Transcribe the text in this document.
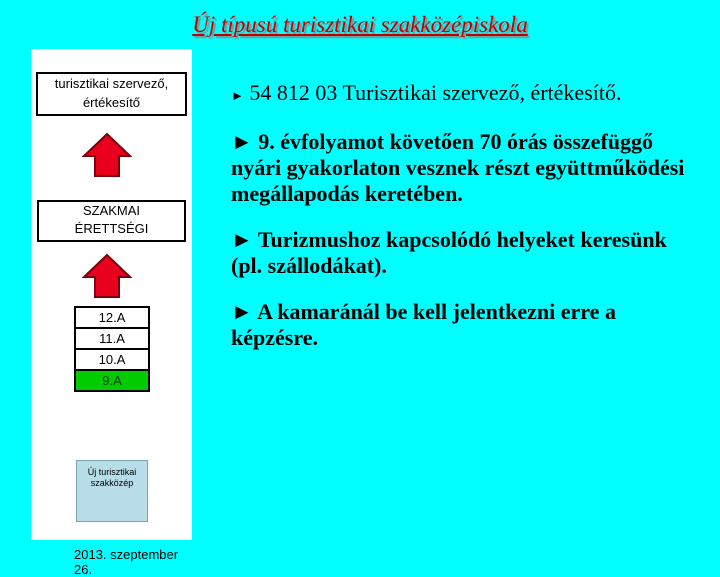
Új típusú turisztikai szakközépiskola
turisztikai szervező,
értékesítő
SZAKMAI
ÉRETTSÉGI
12.A
11.A
10.A
9.A
Új turisztikai
szakközép
2013. szeptember 26.
► 54 812 03 Turisztikai szervező, értékesítő.
► 9. évfolyamot követően 70 órás összefüggő nyári gyakorlaton vesznek részt együttműködési megállapodás keretében.
► Turizmushoz kapcsolódó helyeket keresünk (pl. szállodákat).
► A kamaránál be kell jelentkezni erre a képzésre.
